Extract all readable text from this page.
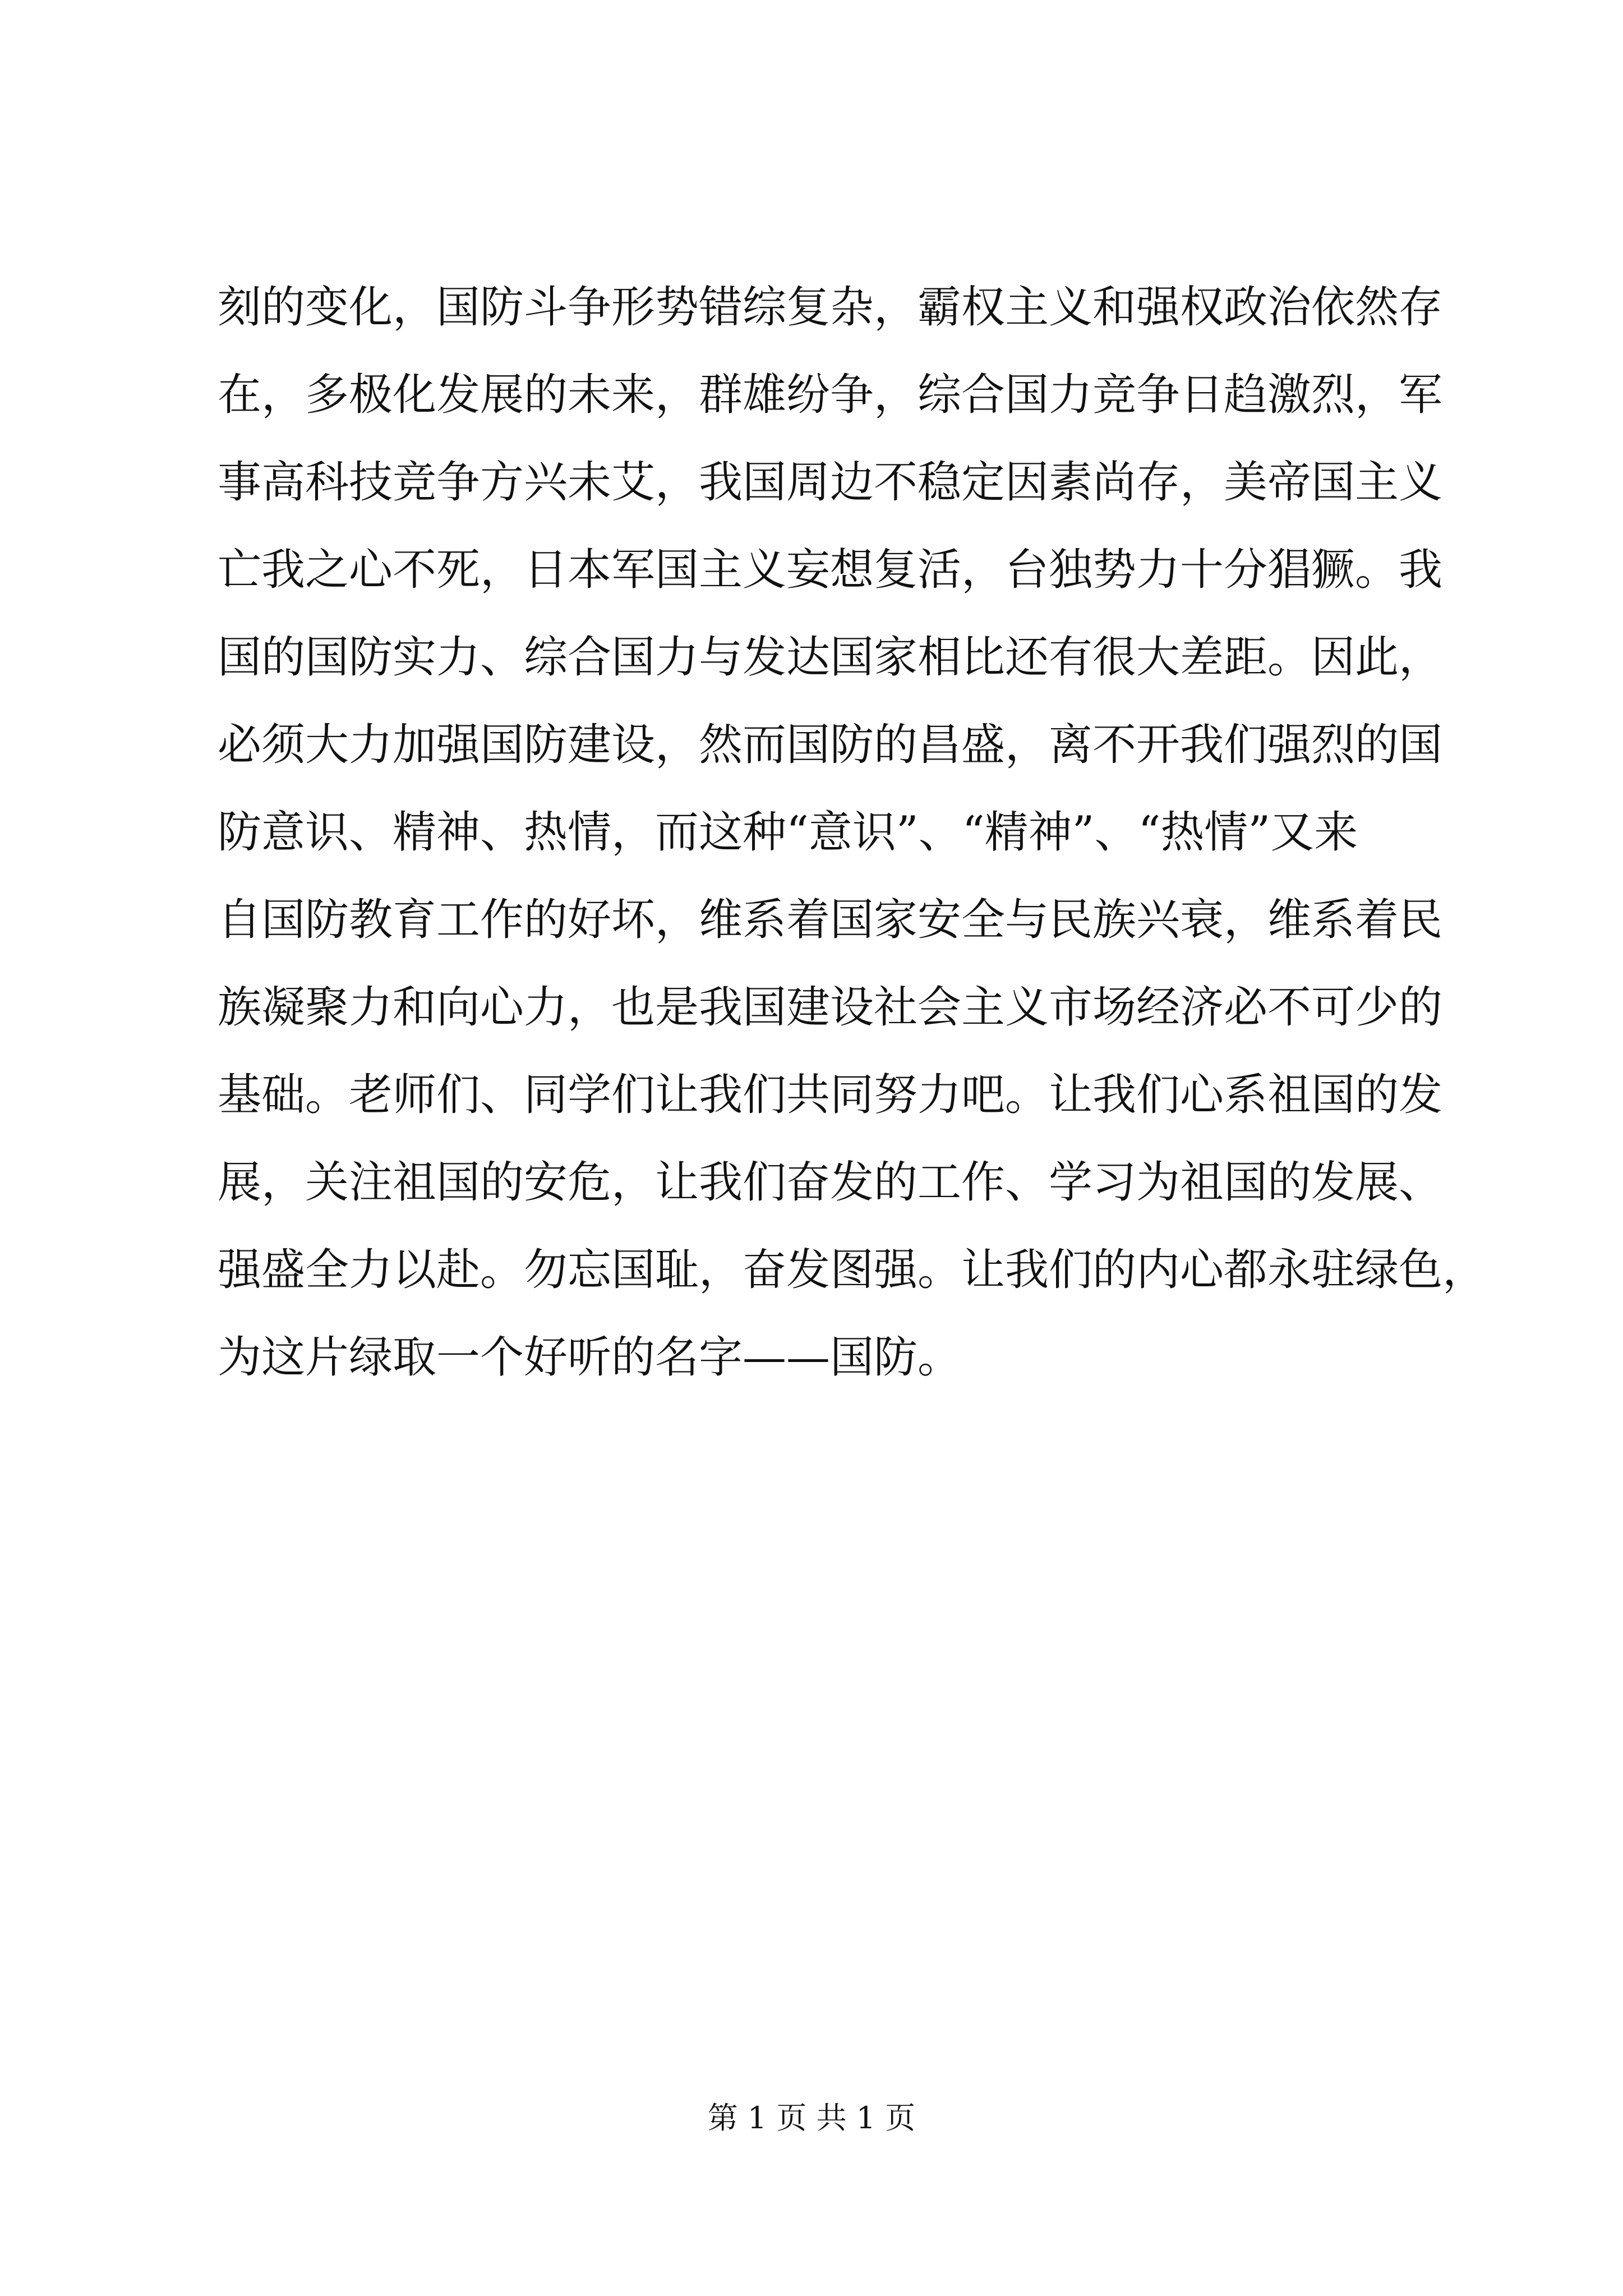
刻的变化，国防斗争形势错综复杂，霸权主义和强权政治依然存
在，多极化发展的未来，群雄纷争，综合国力竞争日趋激烈，军
事高科技竞争方兴未艾，我国周边不稳定因素尚存，美帝国主义
亡我之心不死，日本军国主义妄想复活，台独势力十分猖獗。我
国的国防实力、综合国力与发达国家相比还有很大差距。因此，
必须大力加强国防建设，然而国防的昌盛，离不开我们强烈的国
防意识、精神、热情，而这种“意识”、“精神”、“热情”又来
自国防教育工作的好坏，维系着国家安全与民族兴衰，维系着民
族凝聚力和向心力，也是我国建设社会主义市场经济必不可少的
基础。老师们、同学们让我们共同努力吧。让我们心系祖国的发
展，关注祖国的安危，让我们奋发的工作、学习为祖国的发展、
强盛全力以赴。勿忘国耻，奋发图强。让我们的内心都永驻绿色，
为这片绿取一个好听的名字——国防。
第 1 页 共 1 页
